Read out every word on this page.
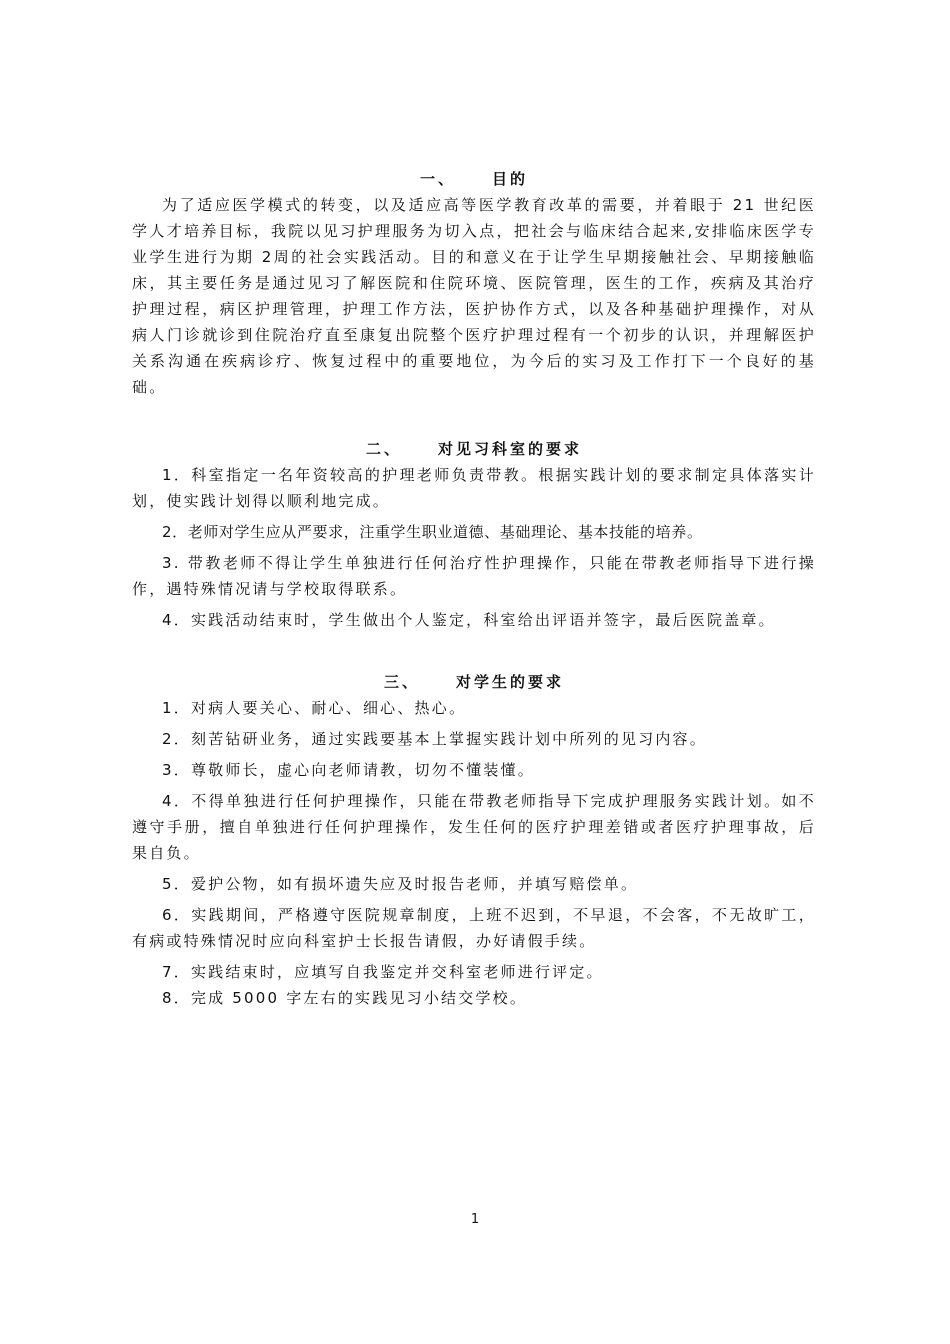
一、 目的

为了适应医学模式的转变，以及适应高等医学教育改革的需要，并着眼于 21 世纪医学人才培养目标，我院以见习护理服务为切入点，把社会与临床结合起来,安排临床医学专业学生进行为期 2周的社会实践活动。目的和意义在于让学生早期接触社会、早期接触临床，其主要任务是通过见习了解医院和住院环境、医院管理，医生的工作，疾病及其治疗护理过程，病区护理管理，护理工作方法，医护协作方式，以及各种基础护理操作，对从病人门诊就诊到住院治疗直至康复出院整个医疗护理过程有一个初步的认识，并理解医护关系沟通在疾病诊疗、恢复过程中的重要地位，为今后的实习及工作打下一个良好的基础。

二、 对见习科室的要求

1．科室指定一名年资较高的护理老师负责带教。根据实践计划的要求制定具体落实计划，使实践计划得以顺利地完成。

2．老师对学生应从严要求，注重学生职业道德、基础理论、基本技能的培养。

3. 带教老师不得让学生单独进行任何治疗性护理操作，只能在带教老师指导下进行操作，遇特殊情况请与学校取得联系。

4．实践活动结束时，学生做出个人鉴定，科室给出评语并签字，最后医院盖章。

三、 对学生的要求

1．对病人要关心、耐心、细心、热心。

2．刻苦钻研业务，通过实践要基本上掌握实践计划中所列的见习内容。

3．尊敬师长，虚心向老师请教，切勿不懂装懂。

4．不得单独进行任何护理操作，只能在带教老师指导下完成护理服务实践计划。如不遵守手册，擅自单独进行任何护理操作，发生任何的医疗护理差错或者医疗护理事故，后果自负。

5．爱护公物，如有损坏遗失应及时报告老师，并填写赔偿单。

6．实践期间，严格遵守医院规章制度，上班不迟到，不早退，不会客，不无故旷工，有病或特殊情况时应向科室护士长报告请假，办好请假手续。

7．实践结束时，应填写自我鉴定并交科室老师进行评定。

8．完成 5000 字左右的实践见习小结交学校。

1
